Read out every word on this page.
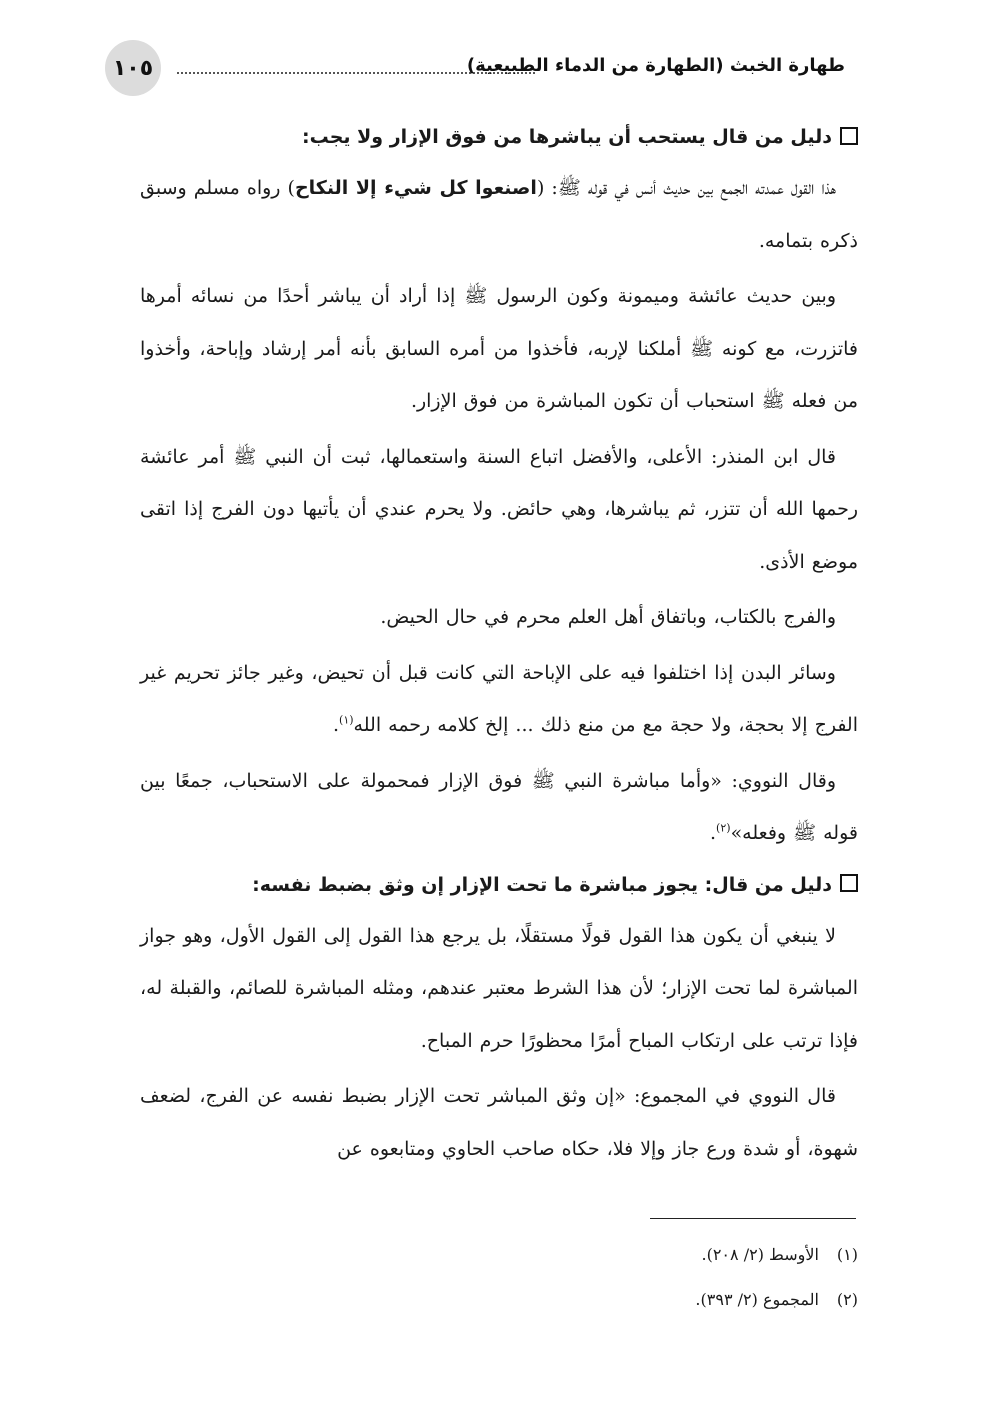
١٠٥	طهارة الخبث (الطهارة من الدماء الطبيعية)

دليل من قال يستحب أن يباشرها من فوق الإزار ولا يجب:

هذا القول عمدته الجمع بين حديث أنس في قوله ﷺ: (اصنعوا كل شيء إلا النكاح) رواه مسلم وسبق ذكره بتمامه.

وبين حديث عائشة وميمونة وكون الرسول ﷺ إذا أراد أن يباشر أحدًا من نسائه أمرها فاتزرت، مع كونه ﷺ أملكنا لإربه، فأخذوا من أمره السابق بأنه أمر إرشاد وإباحة، وأخذوا من فعله ﷺ استحباب أن تكون المباشرة من فوق الإزار.

قال ابن المنذر: الأعلى، والأفضل اتباع السنة واستعمالها، ثبت أن النبي ﷺ أمر عائشة رحمها الله أن تتزر، ثم يباشرها، وهي حائض. ولا يحرم عندي أن يأتيها دون الفرج إذا اتقى موضع الأذى.

والفرج بالكتاب، وباتفاق أهل العلم محرم في حال الحيض.

وسائر البدن إذا اختلفوا فيه على الإباحة التي كانت قبل أن تحيض، وغير جائز تحريم غير الفرج إلا بحجة، ولا حجة مع من منع ذلك ... إلخ كلامه رحمه الله$^{(١)}$.

وقال النووي: «وأما مباشرة النبي ﷺ فوق الإزار فمحمولة على الاستحباب، جمعًا بين قوله ﷺ وفعله»$^{(٢)}$.

دليل من قال: يجوز مباشرة ما تحت الإزار إن وثق بضبط نفسه:

لا ينبغي أن يكون هذا القول قولًا مستقلًا، بل يرجع هذا القول إلى القول الأول، وهو جواز المباشرة لما تحت الإزار؛ لأن هذا الشرط معتبر عندهم، ومثله المباشرة للصائم، والقبلة له، فإذا ترتب على ارتكاب المباح أمرًا محظورًا حرم المباح.

قال النووي في المجموع: «إن وثق المباشر تحت الإزار بضبط نفسه عن الفرج، لضعف شهوة، أو شدة ورع جاز وإلا فلا، حكاه صاحب الحاوي ومتابعوه عن

(١)الأوسط (٢/ ٢٠٨).

(٢)المجموع (٢/ ٣٩٣).
